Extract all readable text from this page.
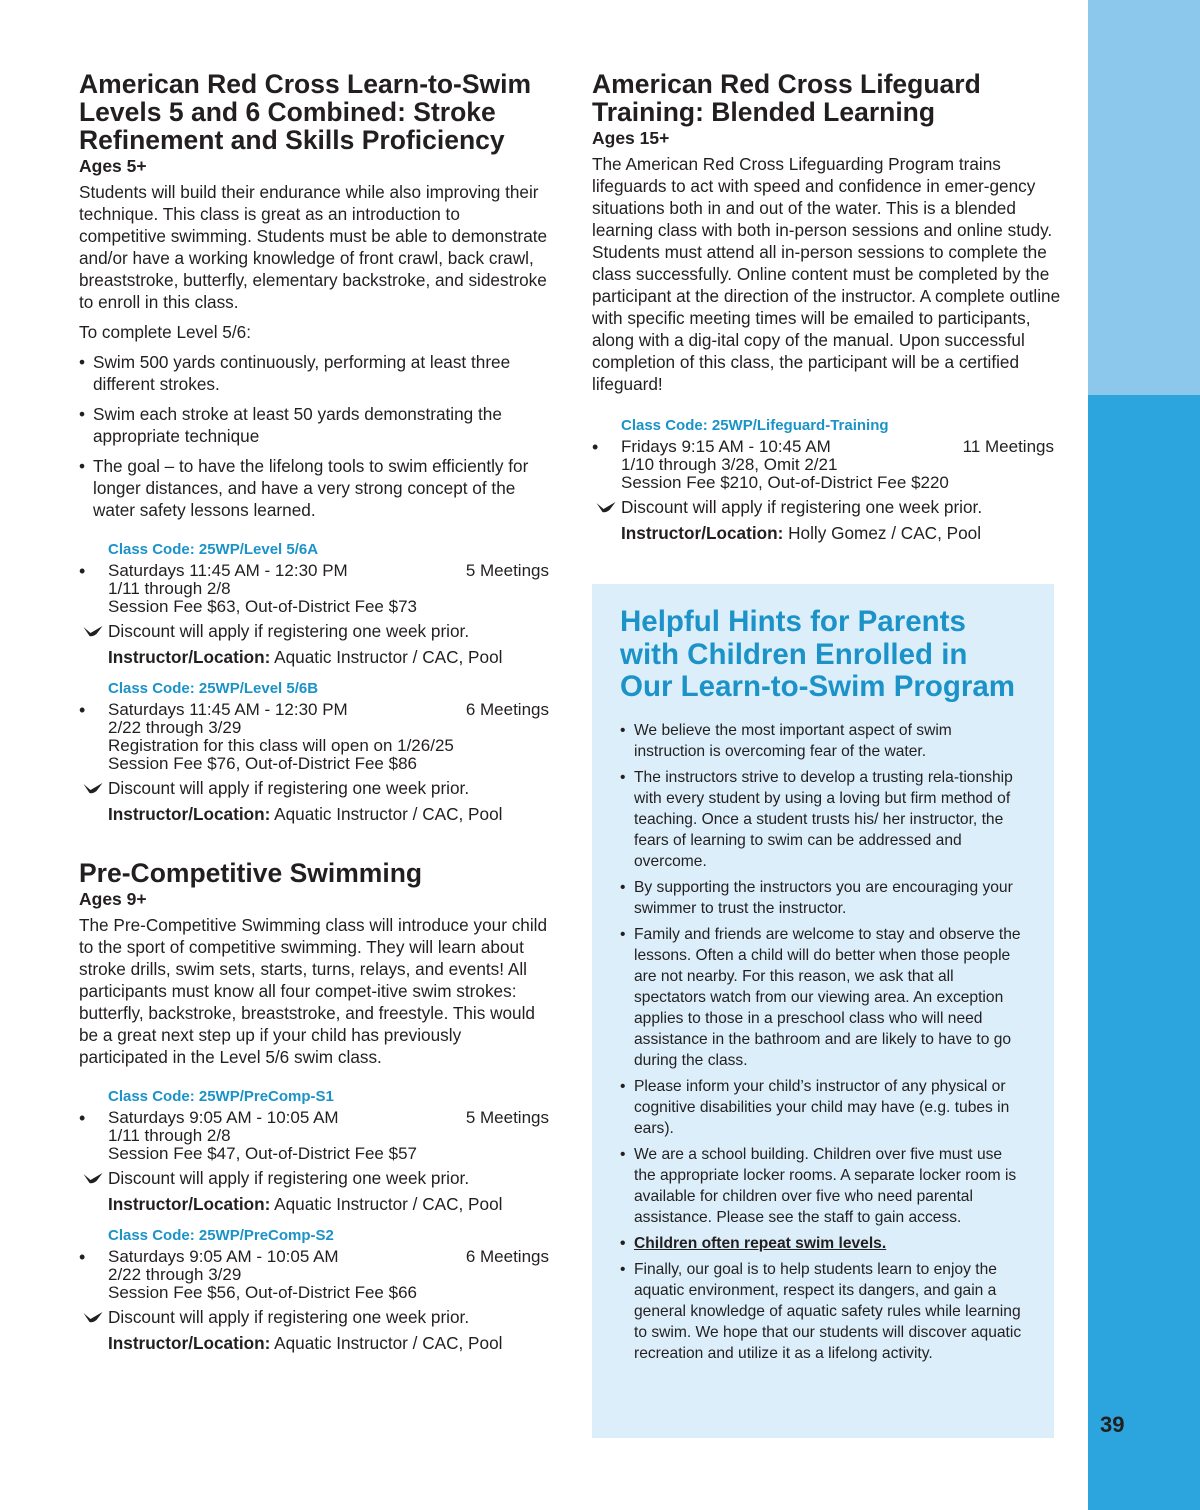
39
American Red Cross Learn-to-Swim Levels 5 and 6 Combined: Stroke Refinement and Skills Proficiency
Ages 5+

Students will build their endurance while also improving their technique. This class is great as an introduction to competitive swimming. Students must be able to demonstrate and/or have a working knowledge of front crawl, back crawl, breaststroke, butterfly, elementary backstroke, and sidestroke to enroll in this class.

To complete Level 5/6:

• Swim 500 yards continuously, performing at least three different strokes.
• Swim each stroke at least 50 yards demonstrating the appropriate technique
• The goal – to have the lifelong tools to swim efficiently for longer distances, and have a very strong concept of the water safety lessons learned.
Class Code: 25WP/Level 5/6A
•	Saturdays 11:45 AM - 12:30 PM	5 Meetings
1/11 through 2/8
Session Fee $63, Out-of-District Fee $73
Discount will apply if registering one week prior.
Instructor/Location: Aquatic Instructor / CAC, Pool
Class Code: 25WP/Level 5/6B
•	Saturdays 11:45 AM - 12:30 PM	6 Meetings
2/22 through 3/29
Registration for this class will open on 1/26/25
Session Fee $76, Out-of-District Fee $86
Discount will apply if registering one week prior.
Instructor/Location: Aquatic Instructor / CAC, Pool
Pre-Competitive Swimming
Ages 9+

The Pre-Competitive Swimming class will introduce your child to the sport of competitive swimming. They will learn about stroke drills, swim sets, starts, turns, relays, and events! All participants must know all four compet-itive swim strokes: butterfly, backstroke, breaststroke, and freestyle. This would be a great next step up if your child has previously participated in the Level 5/6 swim class.

Class Code: 25WP/PreComp-S1
•	Saturdays 9:05 AM - 10:05 AM	5 Meetings
1/11 through 2/8
Session Fee $47, Out-of-District Fee $57
Discount will apply if registering one week prior.
Instructor/Location: Aquatic Instructor / CAC, Pool
Class Code: 25WP/PreComp-S2
•	Saturdays 9:05 AM - 10:05 AM	6 Meetings
2/22 through 3/29
Session Fee $56, Out-of-District Fee $66
Discount will apply if registering one week prior.
Instructor/Location: Aquatic Instructor / CAC, Pool
American Red Cross Lifeguard Training: Blended Learning
Ages 15+

The American Red Cross Lifeguarding Program trains lifeguards to act with speed and confidence in emer-gency situations both in and out of the water. This is a blended learning class with both in-person sessions and online study. Students must attend all in-person sessions to complete the class successfully. Online content must be completed by the participant at the direction of the instructor. A complete outline with specific meeting times will be emailed to participants, along with a dig-ital copy of the manual. Upon successful completion of this class, the participant will be a certified lifeguard!

Class Code: 25WP/Lifeguard-Training
•	Fridays 9:15 AM - 10:45 AM	11 Meetings
1/10 through 3/28, Omit 2/21
Session Fee $210, Out-of-District Fee $220
Discount will apply if registering one week prior.
Instructor/Location: Holly Gomez / CAC, Pool
Helpful Hints for Parents with Children Enrolled in Our Learn-to-Swim Program
• We believe the most important aspect of swim instruction is overcoming fear of the water.
• The instructors strive to develop a trusting rela-tionship with every student by using a loving but firm method of teaching. Once a student trusts his/ her instructor, the fears of learning to swim can be addressed and overcome.
• By supporting the instructors you are encouraging your swimmer to trust the instructor.
• Family and friends are welcome to stay and observe the lessons. Often a child will do better when those people are not nearby. For this reason, we ask that all spectators watch from our viewing area. An exception applies to those in a preschool class who will need assistance in the bathroom and are likely to have to go during the class.
• Please inform your child’s instructor of any physical or cognitive disabilities your child may have (e.g. tubes in ears).
• We are a school building. Children over five must use the appropriate locker rooms. A separate locker room is available for children over five who need parental assistance. Please see the staff to gain access.
• Children often repeat swim levels.
• Finally, our goal is to help students learn to enjoy the aquatic environment, respect its dangers, and gain a general knowledge of aquatic safety rules while learning to swim. We hope that our students will discover aquatic recreation and utilize it as a lifelong activity.
